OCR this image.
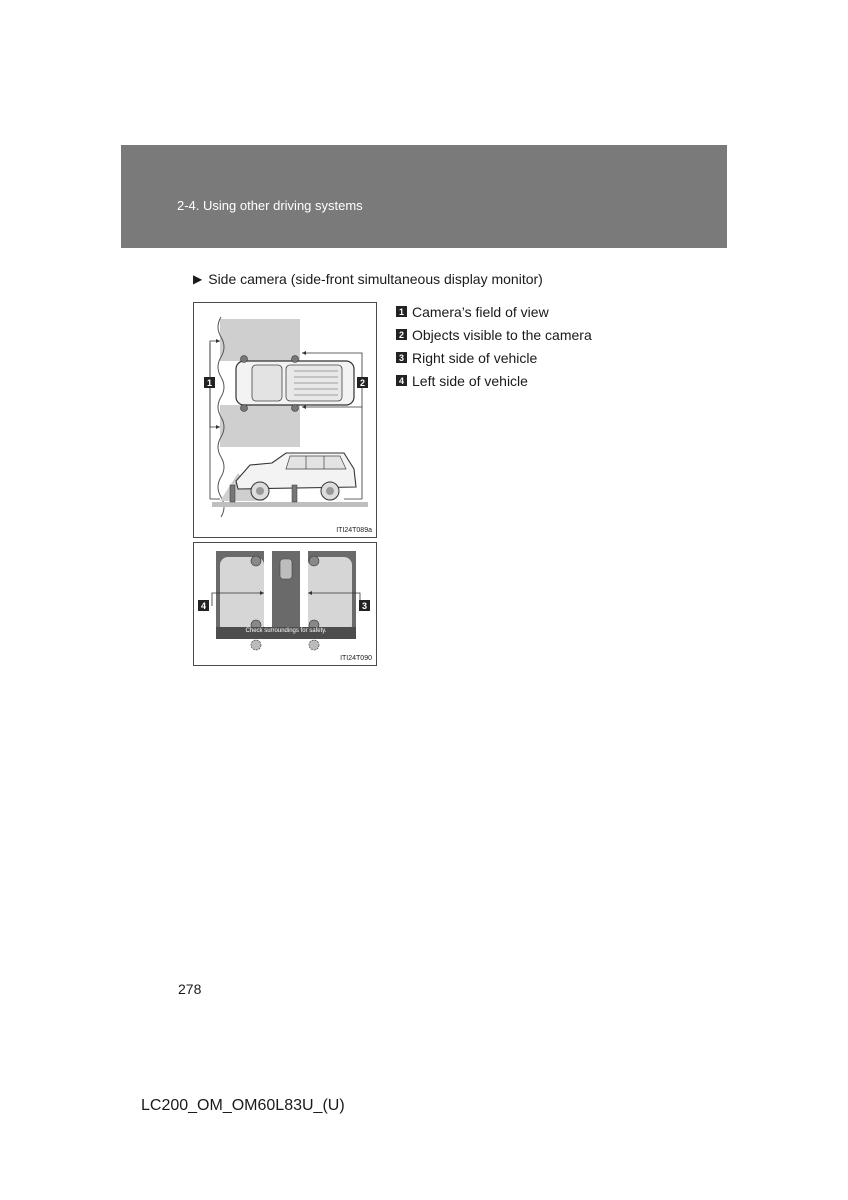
2-4. Using other driving systems
▶ Side camera (side-front simultaneous display monitor)
1	2
ITI24T089a
Check surroundings for safety.
4	3
ITI24T090
1 Camera’s field of view
2 Objects visible to the camera
3 Right side of vehicle
4 Left side of vehicle
278
LC200_OM_OM60L83U_(U)
